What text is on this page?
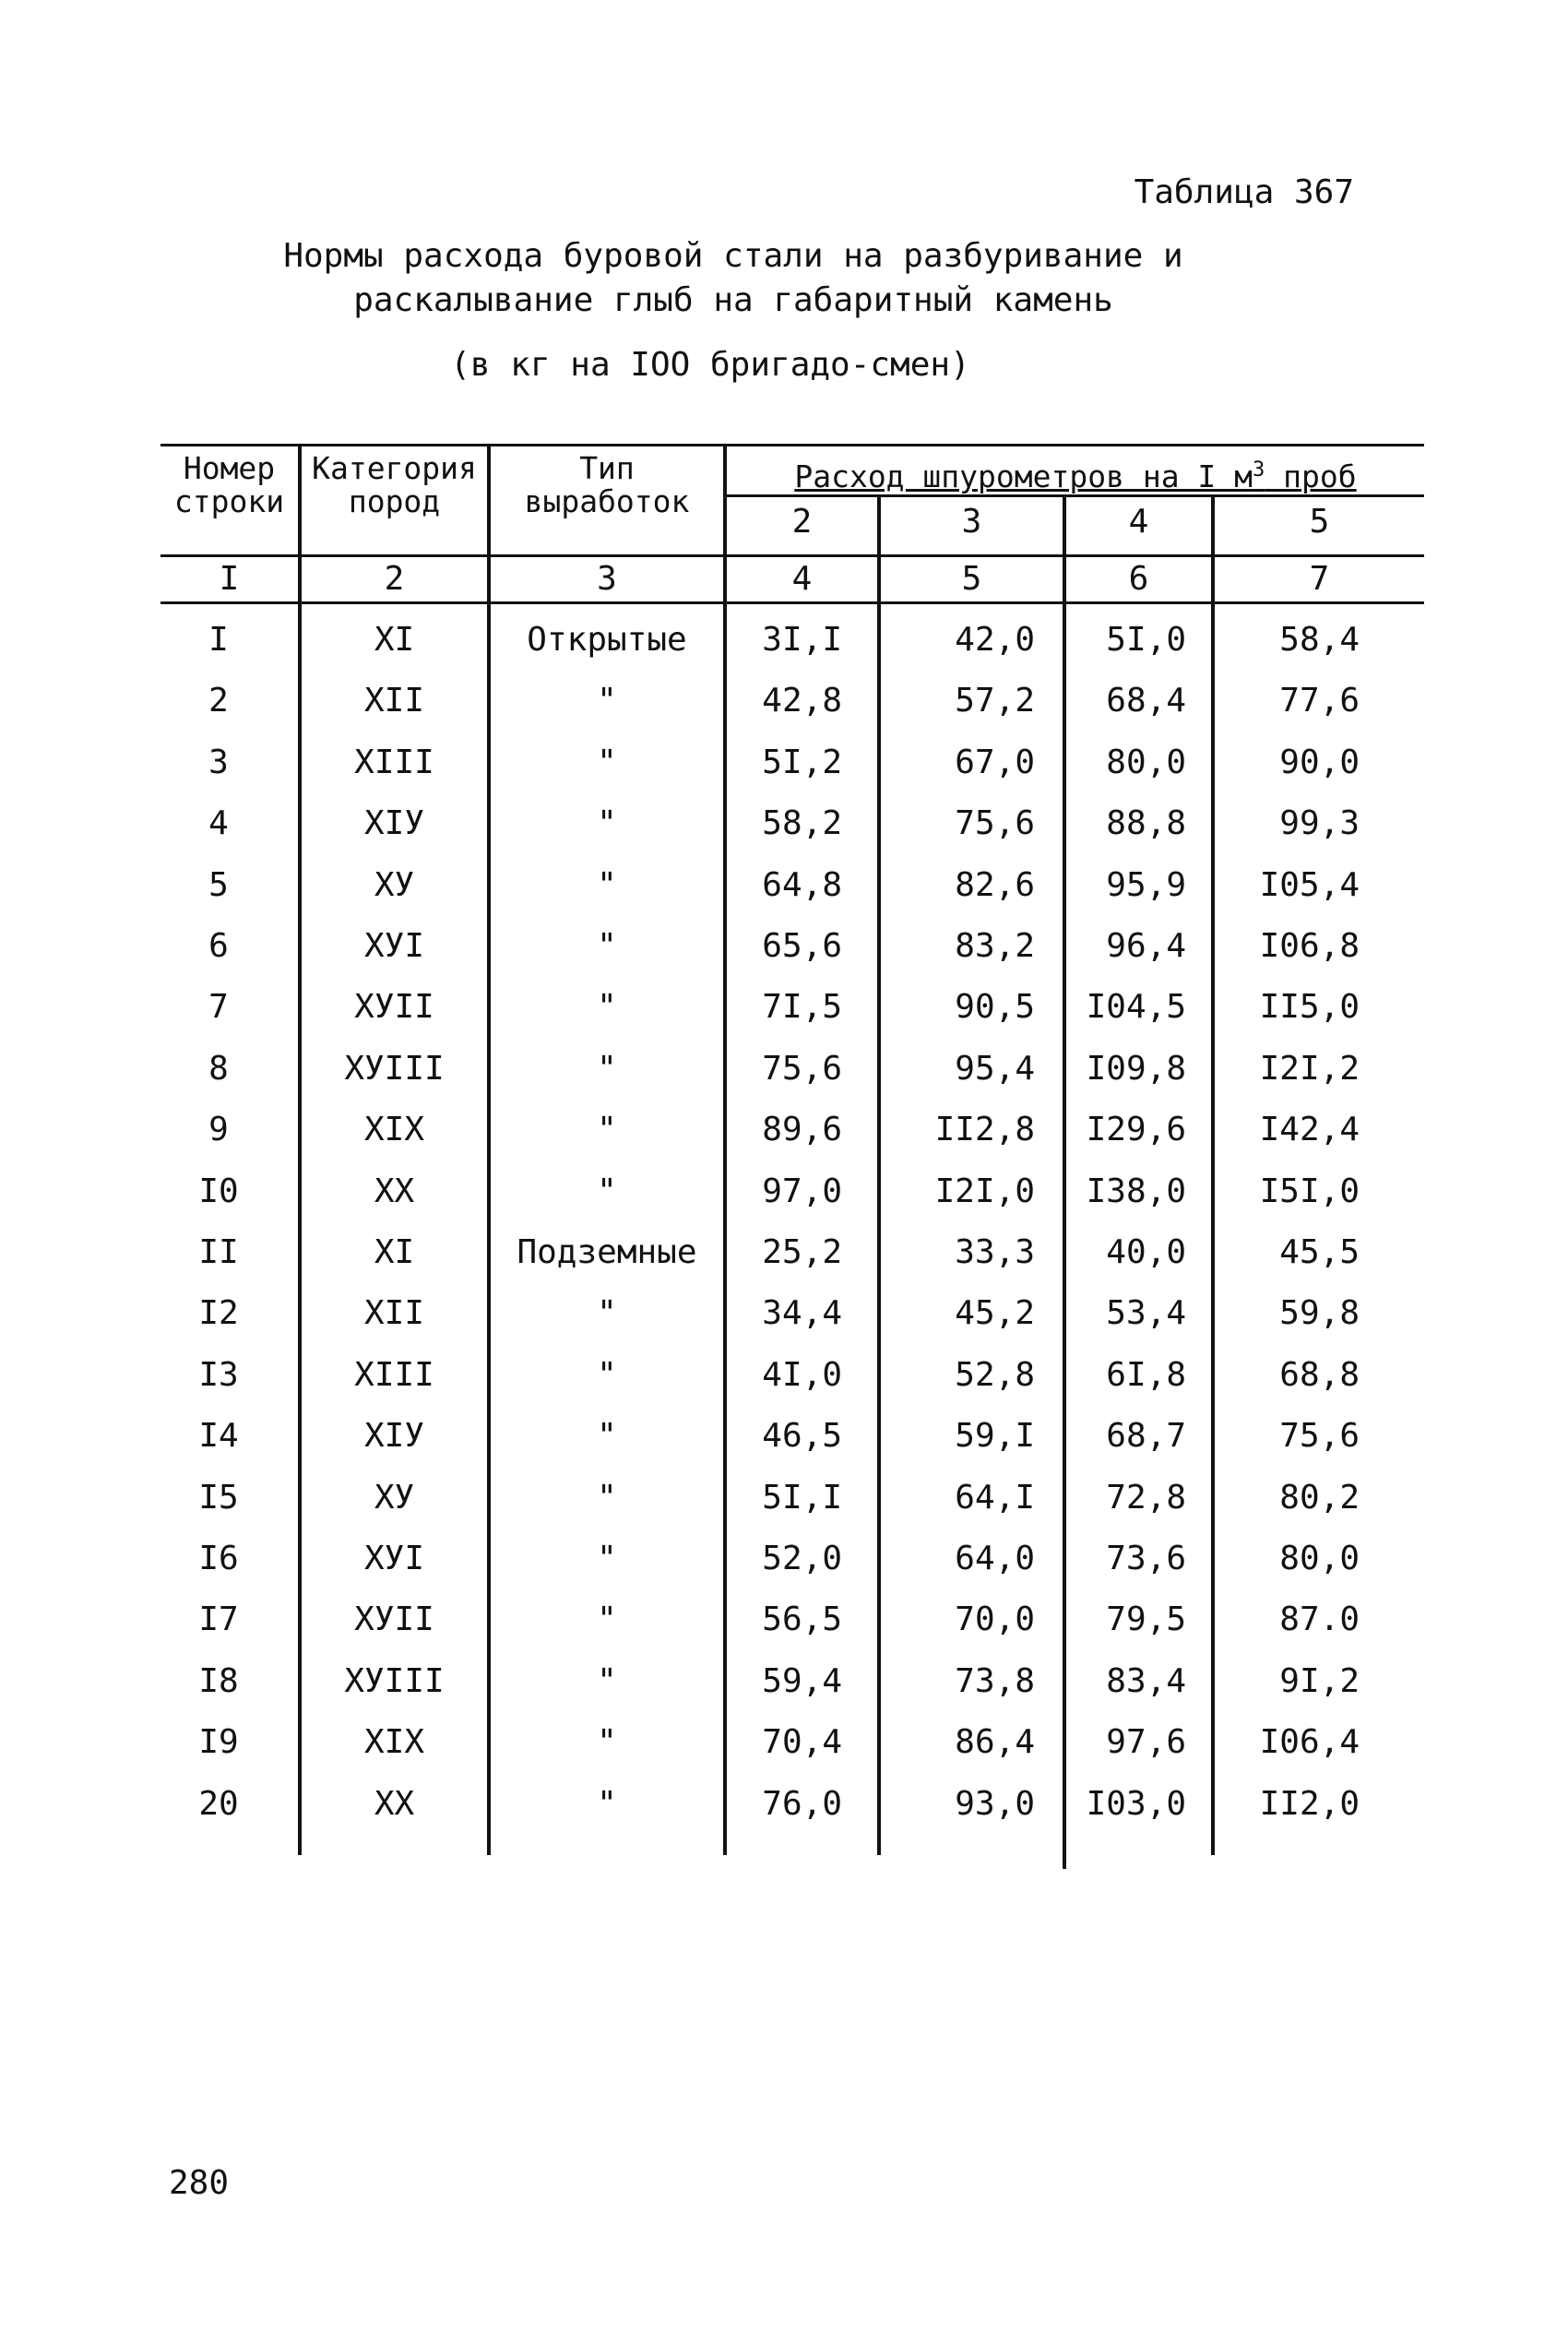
Таблица 367
Нормы расхода буровой стали на разбуривание и
раскалывание глыб на габаритный камень
(в кг на IOO бригадо-смен)
Номер
строки
Категория
пород
Тип
выработок
Расход шпурометров на I $м^3$ проб
2	3	4	5
I	2	3	4	5	6	7
I	XI	Открытые	3I,I	42,0	5I,0	58,4
2	XII	"	42,8	57,2	68,4	77,6
3	XIII	"	5I,2	67,0	80,0	90,0
4	XIУ	"	58,2	75,6	88,8	99,3
5	ХУ	"	64,8	82,6	95,9	I05,4
6	ХУI	"	65,6	83,2	96,4	I06,8
7	ХУII	"	7I,5	90,5	I04,5	II5,0
8	ХУIII	"	75,6	95,4	I09,8	I2I,2
9	XIX	"	89,6	II2,8	I29,6	I42,4
I0	XX	"	97,0	I2I,0	I38,0	I5I,0
II	XI	Подземные	25,2	33,3	40,0	45,5
I2	XII	"	34,4	45,2	53,4	59,8
I3	XIII	"	4I,0	52,8	6I,8	68,8
I4	XIУ	"	46,5	59,I	68,7	75,6
I5	ХУ	"	5I,I	64,I	72,8	80,2
I6	ХУI	"	52,0	64,0	73,6	80,0
I7	ХУII	"	56,5	70,0	79,5	87.0
I8	ХУIII	"	59,4	73,8	83,4	9I,2
I9	XIX	"	70,4	86,4	97,6	I06,4
20	XX	"	76,0	93,0	I03,0	II2,0
280
